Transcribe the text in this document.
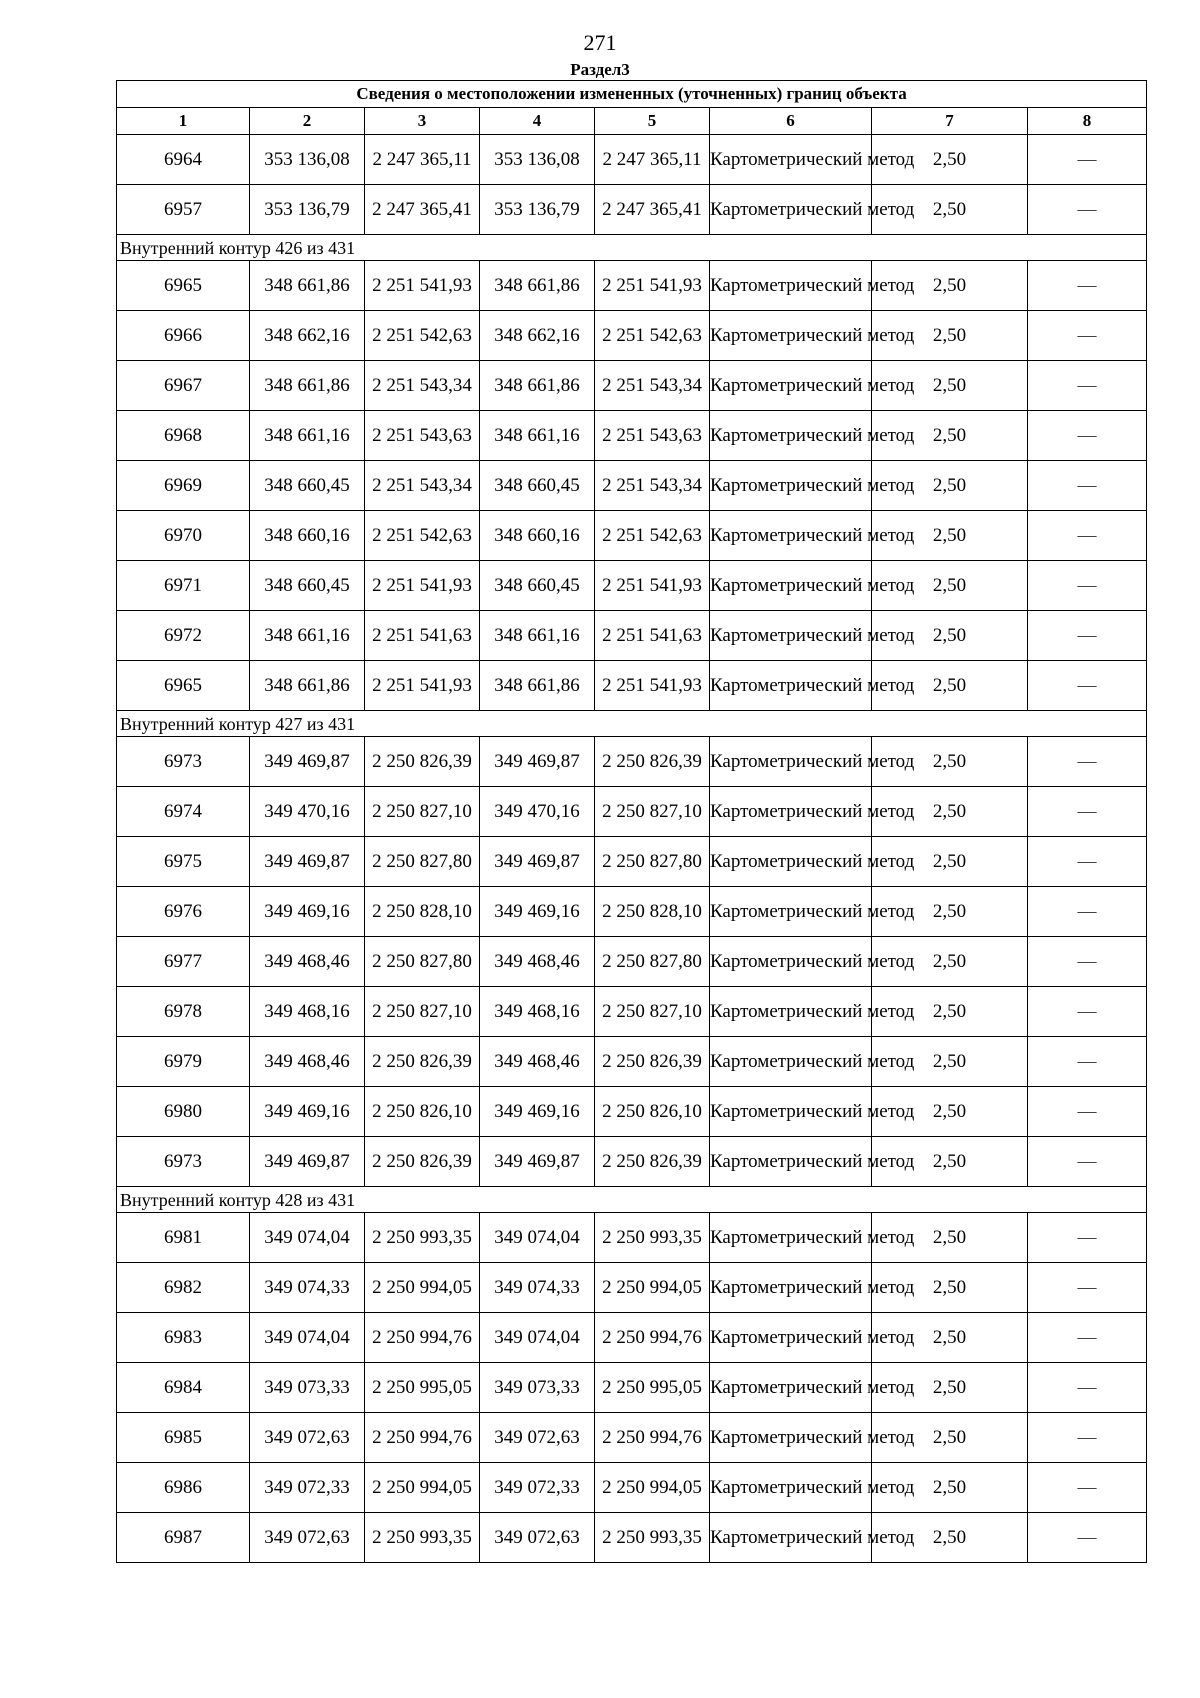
271
Раздел3
Сведения о местоположении измененных (уточненных) границ объекта							
1	2	3	4	5	6	7	8
6964	353 136,08	2 247 365,11	353 136,08	2 247 365,11	Картометрический метод	2,50	—
6957	353 136,79	2 247 365,41	353 136,79	2 247 365,41	Картометрический метод	2,50	—
Внутренний контур 426 из 431							
6965	348 661,86	2 251 541,93	348 661,86	2 251 541,93	Картометрический метод	2,50	—
6966	348 662,16	2 251 542,63	348 662,16	2 251 542,63	Картометрический метод	2,50	—
6967	348 661,86	2 251 543,34	348 661,86	2 251 543,34	Картометрический метод	2,50	—
6968	348 661,16	2 251 543,63	348 661,16	2 251 543,63	Картометрический метод	2,50	—
6969	348 660,45	2 251 543,34	348 660,45	2 251 543,34	Картометрический метод	2,50	—
6970	348 660,16	2 251 542,63	348 660,16	2 251 542,63	Картометрический метод	2,50	—
6971	348 660,45	2 251 541,93	348 660,45	2 251 541,93	Картометрический метод	2,50	—
6972	348 661,16	2 251 541,63	348 661,16	2 251 541,63	Картометрический метод	2,50	—
6965	348 661,86	2 251 541,93	348 661,86	2 251 541,93	Картометрический метод	2,50	—
Внутренний контур 427 из 431							
6973	349 469,87	2 250 826,39	349 469,87	2 250 826,39	Картометрический метод	2,50	—
6974	349 470,16	2 250 827,10	349 470,16	2 250 827,10	Картометрический метод	2,50	—
6975	349 469,87	2 250 827,80	349 469,87	2 250 827,80	Картометрический метод	2,50	—
6976	349 469,16	2 250 828,10	349 469,16	2 250 828,10	Картометрический метод	2,50	—
6977	349 468,46	2 250 827,80	349 468,46	2 250 827,80	Картометрический метод	2,50	—
6978	349 468,16	2 250 827,10	349 468,16	2 250 827,10	Картометрический метод	2,50	—
6979	349 468,46	2 250 826,39	349 468,46	2 250 826,39	Картометрический метод	2,50	—
6980	349 469,16	2 250 826,10	349 469,16	2 250 826,10	Картометрический метод	2,50	—
6973	349 469,87	2 250 826,39	349 469,87	2 250 826,39	Картометрический метод	2,50	—
Внутренний контур 428 из 431							
6981	349 074,04	2 250 993,35	349 074,04	2 250 993,35	Картометрический метод	2,50	—
6982	349 074,33	2 250 994,05	349 074,33	2 250 994,05	Картометрический метод	2,50	—
6983	349 074,04	2 250 994,76	349 074,04	2 250 994,76	Картометрический метод	2,50	—
6984	349 073,33	2 250 995,05	349 073,33	2 250 995,05	Картометрический метод	2,50	—
6985	349 072,63	2 250 994,76	349 072,63	2 250 994,76	Картометрический метод	2,50	—
6986	349 072,33	2 250 994,05	349 072,33	2 250 994,05	Картометрический метод	2,50	—
6987	349 072,63	2 250 993,35	349 072,63	2 250 993,35	Картометрический метод	2,50	—
